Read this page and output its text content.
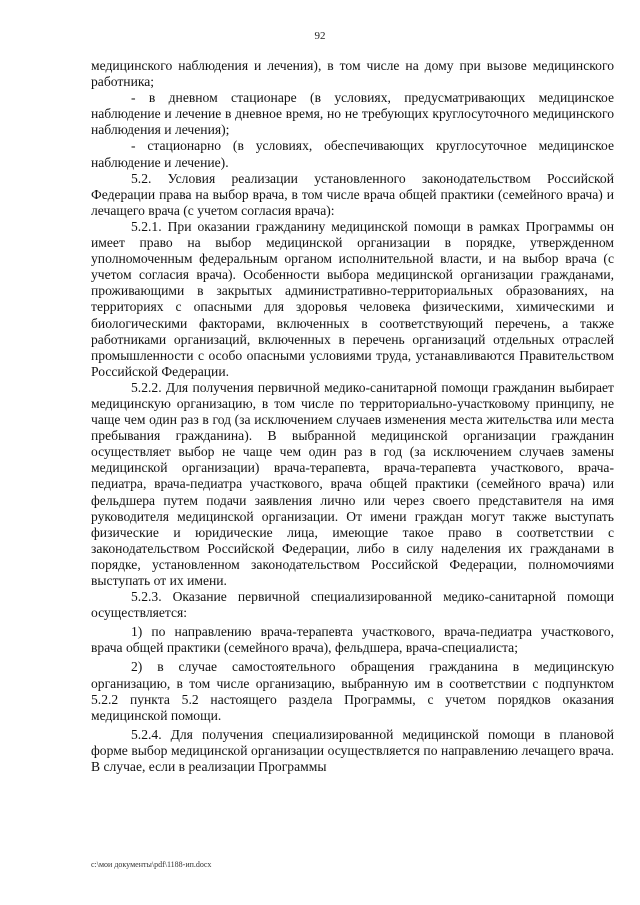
92

медицинского наблюдения и лечения), в том числе на дому при вызове медицинского работника;

- в дневном стационаре (в условиях, предусматривающих медицинское наблюдение и лечение в дневное время, но не требующих круглосуточного медицинского наблюдения и лечения);

- стационарно (в условиях, обеспечивающих круглосуточное медицинское наблюдение и лечение).

5.2. Условия реализации установленного законодательством Российской Федерации права на выбор врача, в том числе врача общей практики (семейного врача) и лечащего врача (с учетом согласия врача):

5.2.1. При оказании гражданину медицинской помощи в рамках Программы он имеет право на выбор медицинской организации в порядке, утвержденном уполномоченным федеральным органом исполнительной власти, и на выбор врача (с учетом согласия врача). Особенности выбора медицинской организации гражданами, проживающими в закрытых административно-территориальных образованиях, на территориях с опасными для здоровья человека физическими, химическими и биологическими факторами, включенных в соответствующий перечень, а также работниками организаций, включенных в перечень организаций отдельных отраслей промышленности с особо опасными условиями труда, устанавливаются Правительством Российской Федерации.

5.2.2. Для получения первичной медико-санитарной помощи гражданин выбирает медицинскую организацию, в том числе по территориально-участковому принципу, не чаще чем один раз в год (за исключением случаев изменения места жительства или места пребывания гражданина). В выбранной медицинской организации гражданин осуществляет выбор не чаще чем один раз в год (за исключением случаев замены медицинской организации) врача-терапевта, врача-терапевта участкового, врача-педиатра, врача-педиатра участкового, врача общей практики (семейного врача) или фельдшера путем подачи заявления лично или через своего представителя на имя руководителя медицинской организации. От имени граждан могут также выступать физические и юридические лица, имеющие такое право в соответствии с законодательством Российской Федерации, либо в силу наделения их гражданами в порядке, установленном законодательством Российской Федерации, полномочиями выступать от их имени.

5.2.3. Оказание первичной специализированной медико-санитарной помощи осуществляется:

1) по направлению врача-терапевта участкового, врача-педиатра участкового, врача общей практики (семейного врача), фельдшера, врача-специалиста;

2) в случае самостоятельного обращения гражданина в медицинскую организацию, в том числе организацию, выбранную им в соответствии с подпунктом 5.2.2 пункта 5.2 настоящего раздела Программы, с учетом порядков оказания медицинской помощи.

5.2.4. Для получения специализированной медицинской помощи в плановой форме выбор медицинской организации осуществляется по направлению лечащего врача. В случае, если в реализации Программы

c:\мои документы\pdf\1188-ип.docx
